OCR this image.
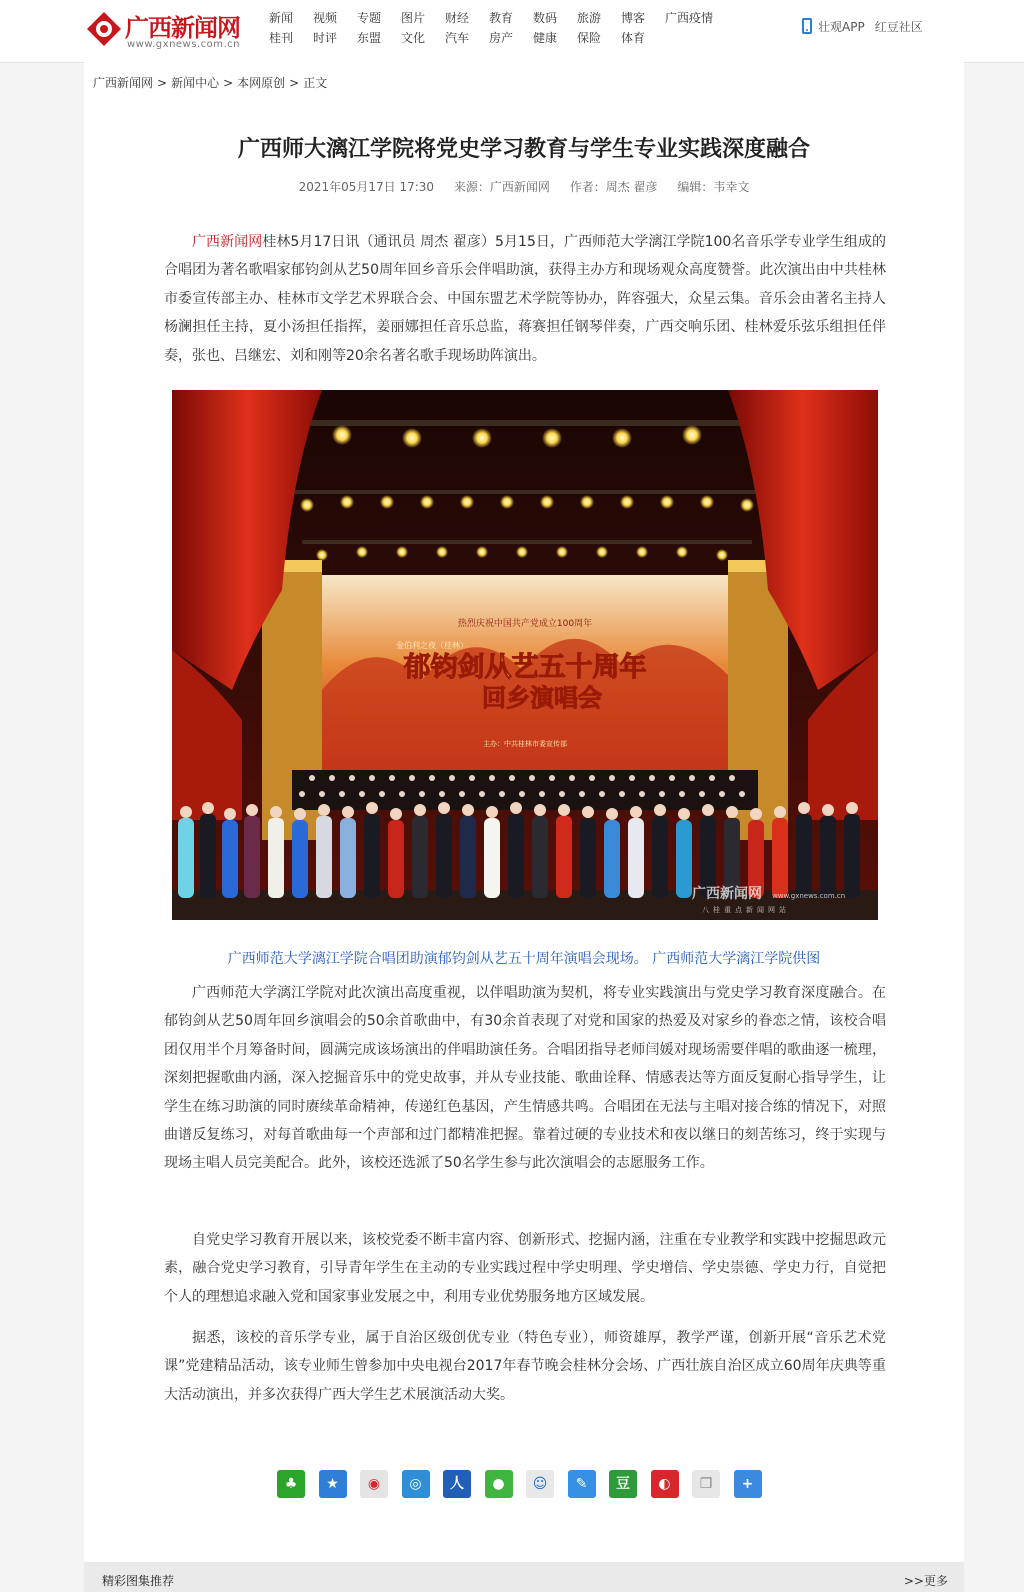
广西新闻网
www.gxnews.com.cn
新闻	视频	专题	图片	财经	教育	数码	旅游	博客	广西疫情
桂刊	时评	东盟	文化	汽车	房产	健康	保险	体育
壮观APP 红豆社区
广西新闻网 > 新闻中心 > 本网原创 > 正文
广西师大漓江学院将党史学习教育与学生专业实践深度融合
2021年05月17日 17:30 来源：广西新闻网 作者：周杰 翟彦 编辑：韦幸文

广西新闻网桂林5月17日讯（通讯员 周杰 翟彦）5月15日，广西师范大学漓江学院100名音乐学专业学生组成的合唱团为著名歌唱家郁钧剑从艺50周年回乡音乐会伴唱助演，获得主办方和现场观众高度赞誉。此次演出由中共桂林市委宣传部主办、桂林市文学艺术界联合会、中国东盟艺术学院等协办，阵容强大，众星云集。音乐会由著名主持人杨澜担任主持，夏小汤担任指挥，姜丽娜担任音乐总监，蒋赛担任钢琴伴奏，广西交响乐团、桂林爱乐弦乐组担任伴奏，张也、吕继宏、刘和刚等20余名著名歌手现场助阵演出。

热烈庆祝中国共产党成立100周年
金伯利之夜（桂林）
郁钧剑从艺五十周年
回乡演唱会
主办：中共桂林市委宣传部
广西新闻网 www.gxnews.com.cn
八桂重点新闻网站
广西师范大学漓江学院合唱团助演郁钧剑从艺五十周年演唱会现场。 广西师范大学漓江学院供图

广西师范大学漓江学院对此次演出高度重视，以伴唱助演为契机，将专业实践演出与党史学习教育深度融合。在郁钧剑从艺50周年回乡演唱会的50余首歌曲中，有30余首表现了对党和国家的热爱及对家乡的眷恋之情，该校合唱团仅用半个月筹备时间，圆满完成该场演出的伴唱助演任务。合唱团指导老师闫媛对现场需要伴唱的歌曲逐一梳理，深刻把握歌曲内涵，深入挖掘音乐中的党史故事，并从专业技能、歌曲诠释、情感表达等方面反复耐心指导学生，让学生在练习助演的同时赓续革命精神，传递红色基因，产生情感共鸣。合唱团在无法与主唱对接合练的情况下，对照曲谱反复练习，对每首歌曲每一个声部和过门都精准把握。靠着过硬的专业技术和夜以继日的刻苦练习，终于实现与现场主唱人员完美配合。此外，该校还选派了50名学生参与此次演唱会的志愿服务工作。

自党史学习教育开展以来，该校党委不断丰富内容、创新形式、挖掘内涵，注重在专业教学和实践中挖掘思政元素，融合党史学习教育，引导青年学生在主动的专业实践过程中学史明理、学史增信、学史崇德、学史力行，自觉把个人的理想追求融入党和国家事业发展之中，利用专业优势服务地方区域发展。

据悉，该校的音乐学专业，属于自治区级创优专业（特色专业），师资雄厚，教学严谨，创新开展“音乐艺术党课”党建精品活动，该专业师生曾参加中央电视台2017年春节晚会桂林分会场、广西壮族自治区成立60周年庆典等重大活动演出，并多次获得广西大学生艺术展演活动大奖。

♣	★	◉	◎	人	●	☺	✎	豆	◐	❐	+
精彩图集推荐	>>更多
